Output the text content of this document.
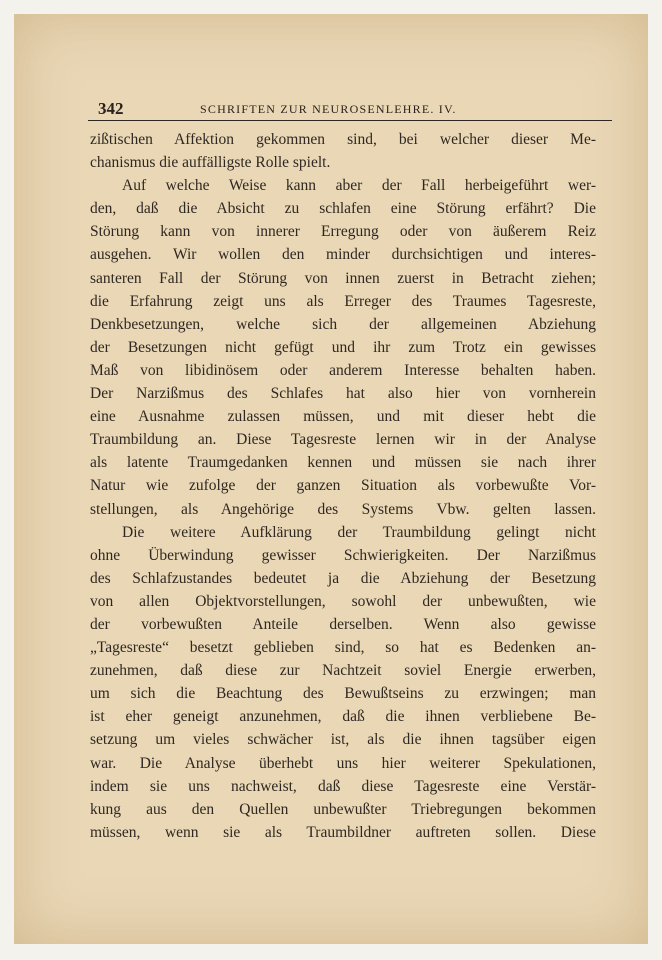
342	SCHRIFTEN ZUR NEUROSENLEHRE. IV.
zißtischen Affektion gekommen sind, bei welcher dieser Me-
chanismus die auffälligste Rolle spielt.
Auf welche Weise kann aber der Fall herbeigeführt wer-
den, daß die Absicht zu schlafen eine Störung erfährt? Die
Störung kann von innerer Erregung oder von äußerem Reiz
ausgehen. Wir wollen den minder durchsichtigen und interes-
santeren Fall der Störung von innen zuerst in Betracht ziehen;
die Erfahrung zeigt uns als Erreger des Traumes Tagesreste,
Denkbesetzungen, welche sich der allgemeinen Abziehung
der Besetzungen nicht gefügt und ihr zum Trotz ein gewisses
Maß von libidinösem oder anderem Interesse behalten haben.
Der Narzißmus des Schlafes hat also hier von vornherein
eine Ausnahme zulassen müssen, und mit dieser hebt die
Traumbildung an. Diese Tagesreste lernen wir in der Analyse
als latente Traumgedanken kennen und müssen sie nach ihrer
Natur wie zufolge der ganzen Situation als vorbewußte Vor-
stellungen, als Angehörige des Systems Vbw. gelten lassen.
Die weitere Aufklärung der Traumbildung gelingt nicht
ohne Überwindung gewisser Schwierigkeiten. Der Narzißmus
des Schlafzustandes bedeutet ja die Abziehung der Besetzung
von allen Objektvorstellungen, sowohl der unbewußten, wie
der vorbewußten Anteile derselben. Wenn also gewisse
„Tagesreste“ besetzt geblieben sind, so hat es Bedenken an-
zunehmen, daß diese zur Nachtzeit soviel Energie erwerben,
um sich die Beachtung des Bewußtseins zu erzwingen; man
ist eher geneigt anzunehmen, daß die ihnen verbliebene Be-
setzung um vieles schwächer ist, als die ihnen tagsüber eigen
war. Die Analyse überhebt uns hier weiterer Spekulationen,
indem sie uns nachweist, daß diese Tagesreste eine Verstär-
kung aus den Quellen unbewußter Triebregungen bekommen
müssen, wenn sie als Traumbildner auftreten sollen. Diese
